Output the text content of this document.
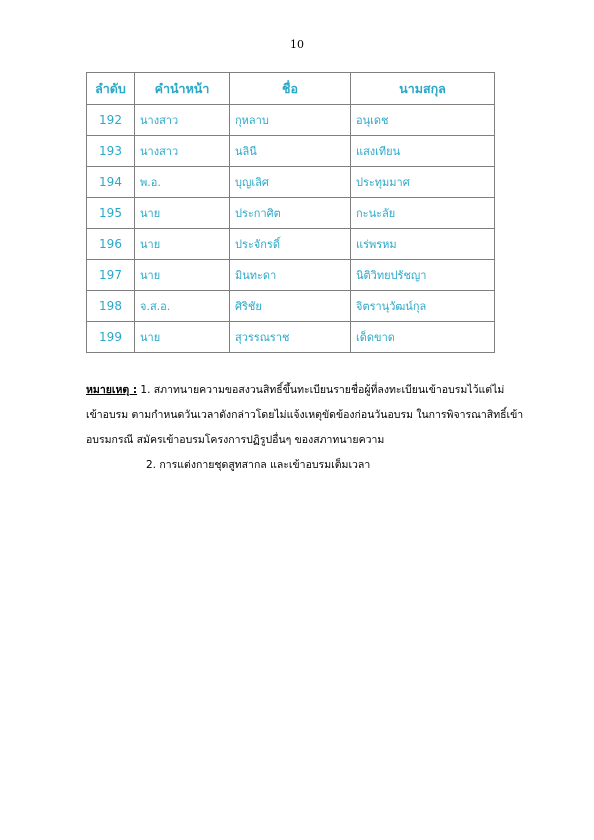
10
ลำดับ	คำนำหน้า	ชื่อ	นามสกุล
192	นางสาว	กุหลาบ	อนุเดช
193	นางสาว	นลินี	แสงเทียน
194	พ.อ.	บุญเลิศ	ประทุมมาศ
195	นาย	ประกาศิต	กะนะลัย
196	นาย	ประจักรดิ์	แร่พรหม
197	นาย	มินทะดา	นิติวิทยปรัชญา
198	จ.ส.อ.	ศิริชัย	จิตรานุวัฒน์กุล
199	นาย	สุวรรณราช	เด็ดขาด
หมายเหตุ : 1. สภาทนายความขอสงวนสิทธิ์ขึ้นทะเบียนรายชื่อผู้ที่ลงทะเบียนเข้าอบรมไว้แต่ไม่
เข้าอบรม ตามกำหนดวันเวลาดังกล่าวโดยไม่แจ้งเหตุขัดข้องก่อนวันอบรม ในการพิจารณาสิทธิ์เข้า
อบรมกรณี สมัครเข้าอบรมโครงการปฏิรูปอื่นๆ ของสภาทนายความ
2. การแต่งกายชุดสูทสากล และเข้าอบรมเต็มเวลา
